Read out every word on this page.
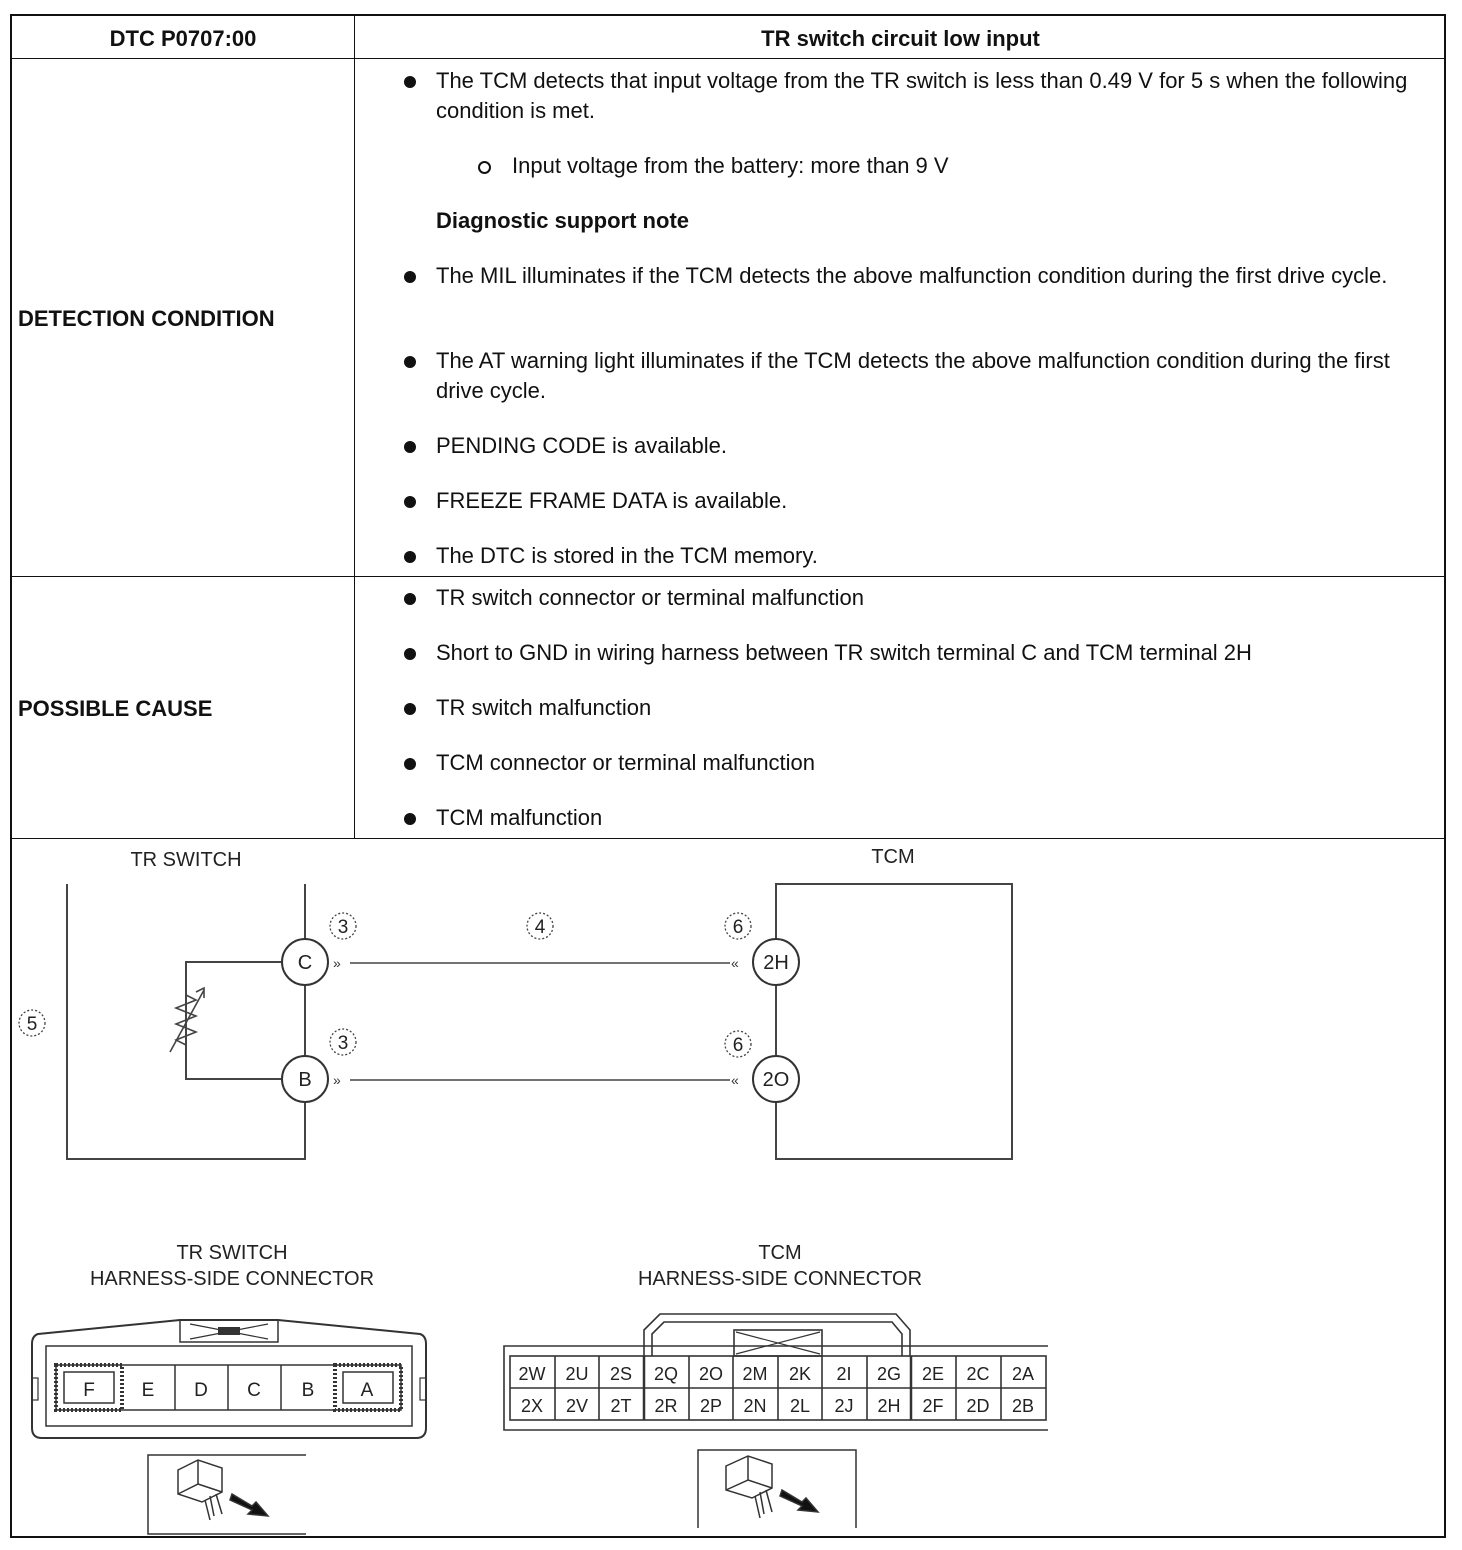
DTC P0707:00	TR switch circuit low input
DETECTION CONDITION
The TCM detects that input voltage from the TR switch is less than 0.49 V for 5 s when the following condition is met.
Input voltage from the battery: more than 9 V
Diagnostic support note
The MIL illuminates if the TCM detects the above malfunction condition during the first drive cycle.
The AT warning light illuminates if the TCM detects the above malfunction condition during the first drive cycle.
PENDING CODE is available.
FREEZE FRAME DATA is available.
The DTC is stored in the TCM memory.
POSSIBLE CAUSE
TR switch connector or terminal malfunction
Short to GND in wiring harness between TR switch terminal C and TCM terminal 2H
TR switch malfunction
TCM connector or terminal malfunction
TCM malfunction
»
»
«
«
C
B
2H
2O
TR SWITCH	TCM
3
3
4	6
6
5
TR SWITCH
HARNESS-SIDE CONNECTOR
F E D C B A
TCM
HARNESS-SIDE CONNECTOR
2W 2U 2S 2Q 2O 2M 2K 2I 2G 2E 2C 2A
2X 2V 2T 2R 2P 2N 2L 2J 2H 2F 2D 2B
